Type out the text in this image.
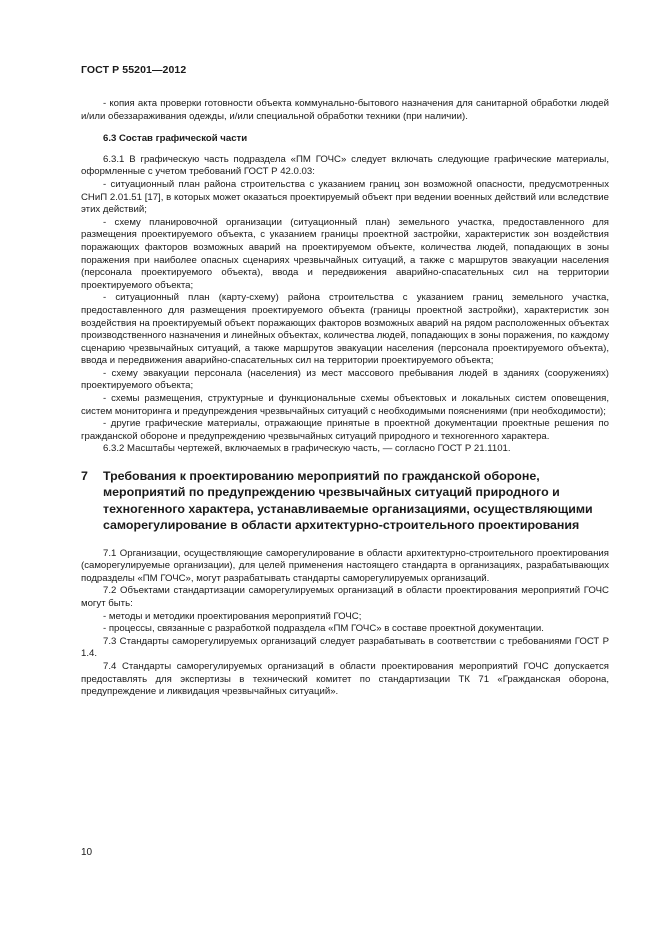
ГОСТ Р 55201—2012

- копия акта проверки готовности объекта коммунально-бытового назначения для санитарной обработки людей и/или обеззараживания одежды, и/или специальной обработки техники (при наличии).

6.3 Состав графической части

6.3.1 В графическую часть подраздела «ПМ ГОЧС» следует включать следующие графические материалы, оформленные с учетом требований ГОСТ Р 42.0.03:

- ситуационный план района строительства с указанием границ зон возможной опасности, предусмотренных СНиП 2.01.51 [17], в которых может оказаться проектируемый объект при ведении военных действий или вследствие этих действий;

- схему планировочной организации (ситуационный план) земельного участка, предоставленного для размещения проектируемого объекта, с указанием границы проектной застройки, характеристик зон воздействия поражающих факторов возможных аварий на проектируемом объекте, количества людей, попадающих в зоны поражения при наиболее опасных сценариях чрезвычайных ситуаций, а также с маршрутов эвакуации населения (персонала проектируемого объекта), ввода и передвижения аварийно-спасательных сил на территории проектируемого объекта;

- ситуационный план (карту-схему) района строительства с указанием границ земельного участка, предоставленного для размещения проектируемого объекта (границы проектной застройки), характеристик зон воздействия на проектируемый объект поражающих факторов возможных аварий на рядом расположенных объектах производственного назначения и линейных объектах, количества людей, попадающих в зоны поражения, по каждому сценарию чрезвычайных ситуаций, а также маршрутов эвакуации населения (персонала проектируемого объекта), ввода и передвижения аварийно-спасательных сил на территории проектируемого объекта;

- схему эвакуации персонала (населения) из мест массового пребывания людей в зданиях (сооружениях) проектируемого объекта;

- схемы размещения, структурные и функциональные схемы объектовых и локальных систем оповещения, систем мониторинга и предупреждения чрезвычайных ситуаций с необходимыми пояснениями (при необходимости);

- другие графические материалы, отражающие принятые в проектной документации проектные решения по гражданской обороне и предупреждению чрезвычайных ситуаций природного и техногенного характера.

6.3.2 Масштабы чертежей, включаемых в графическую часть, — согласно ГОСТ Р 21.1101.

7 Требования к проектированию мероприятий по гражданской обороне, мероприятий по предупреждению чрезвычайных ситуаций природного и техногенного характера, устанавливаемые организациями, осуществляющими саморегулирование в области архитектурно-строительного проектирования

7.1 Организации, осуществляющие саморегулирование в области архитектурно-строительного проектирования (саморегулируемые организации), для целей применения настоящего стандарта в организациях, разрабатывающих подразделы «ПМ ГОЧС», могут разрабатывать стандарты саморегулируемых организаций.

7.2 Объектами стандартизации саморегулируемых организаций в области проектирования мероприятий ГОЧС могут быть:

- методы и методики проектирования мероприятий ГОЧС;

- процессы, связанные с разработкой подраздела «ПМ ГОЧС» в составе проектной документации.

7.3 Стандарты саморегулируемых организаций следует разрабатывать в соответствии с требованиями ГОСТ Р 1.4.

7.4 Стандарты саморегулируемых организаций в области проектирования мероприятий ГОЧС допускается предоставлять для экспертизы в технический комитет по стандартизации ТК 71 «Гражданская оборона, предупреждение и ликвидация чрезвычайных ситуаций».

10
